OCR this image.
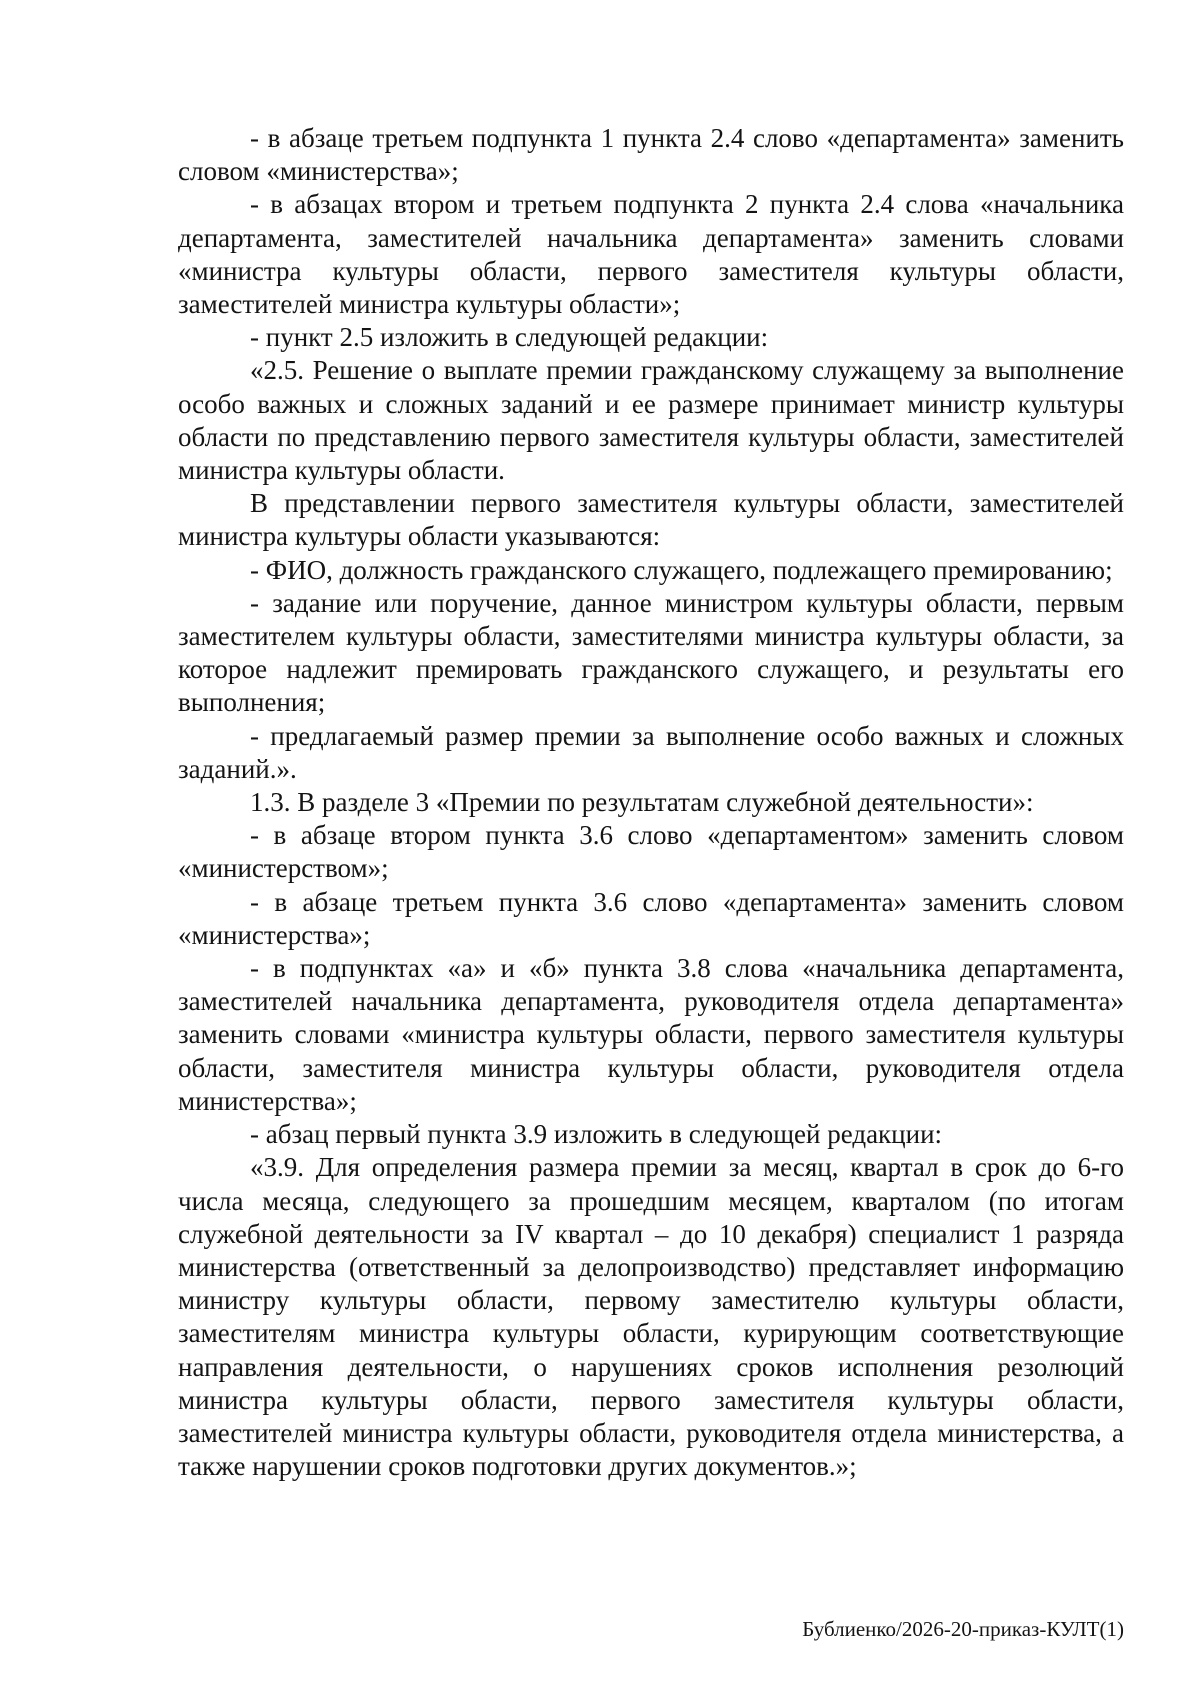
- в абзаце третьем подпункта 1 пункта 2.4 слово «департамента» заменить словом «министерства»;

- в абзацах втором и третьем подпункта 2 пункта 2.4 слова «начальника департамента, заместителей начальника департамента» заменить словами «министра культуры области, первого заместителя культуры области, заместителей министра культуры области»;

- пункт 2.5 изложить в следующей редакции:

«2.5. Решение о выплате премии гражданскому служащему за выполнение особо важных и сложных заданий и ее размере принимает министр культуры области по представлению первого заместителя культуры области, заместителей министра культуры области.

В представлении первого заместителя культуры области, заместителей министра культуры области указываются:

- ФИО, должность гражданского служащего, подлежащего премированию;

- задание или поручение, данное министром культуры области, первым заместителем культуры области, заместителями министра культуры области, за которое надлежит премировать гражданского служащего, и результаты его выполнения;

- предлагаемый размер премии за выполнение особо важных и сложных заданий.».

1.3. В разделе 3 «Премии по результатам служебной деятельности»:

- в абзаце втором пункта 3.6 слово «департаментом» заменить словом «министерством»;

- в абзаце третьем пункта 3.6 слово «департамента» заменить словом «министерства»;

- в подпунктах «а» и «б» пункта 3.8 слова «начальника департамента, заместителей начальника департамента, руководителя отдела департамента» заменить словами «министра культуры области, первого заместителя культуры области, заместителя министра культуры области, руководителя отдела министерства»;

- абзац первый пункта 3.9 изложить в следующей редакции:

«3.9. Для определения размера премии за месяц, квартал в срок до 6-го числа месяца, следующего за прошедшим месяцем, кварталом (по итогам служебной деятельности за IV квартал – до 10 декабря) специалист 1 разряда министерства (ответственный за делопроизводство) представляет информацию министру культуры области, первому заместителю культуры области, заместителям министра культуры области, курирующим соответствующие направления деятельности, о нарушениях сроков исполнения резолюций министра культуры области, первого заместителя культуры области, заместителей министра культуры области, руководителя отдела министерства, а также нарушении сроков подготовки других документов.»;

Бублиенко/2026-20-приказ-КУЛТ(1)
